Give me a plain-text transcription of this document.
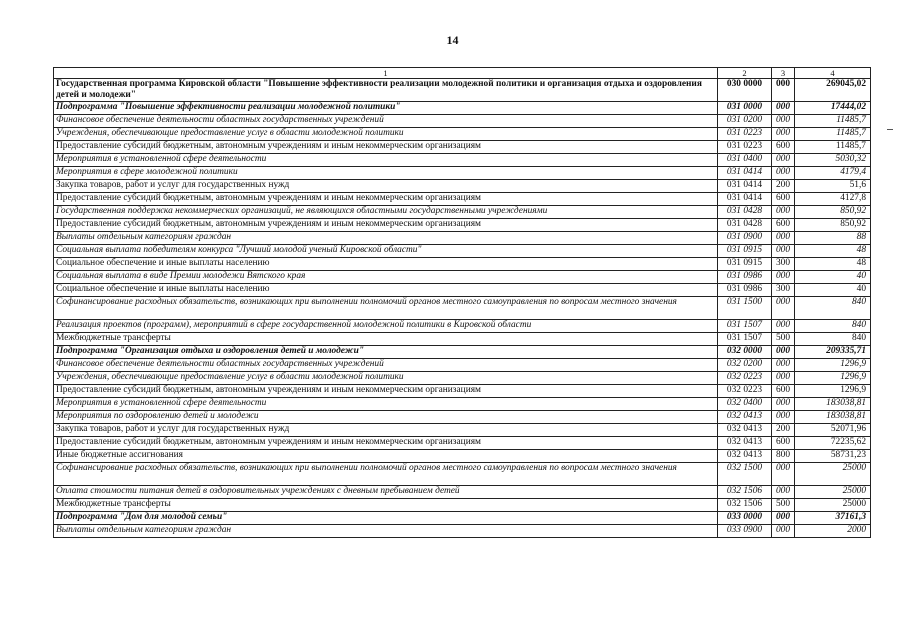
14
1	2	3	4
Государственная программа Кировской области "Повышение эффективности реализации молодежной политики и организация отдыха и оздоровления детей и молодежи"	030 0000	000	269045,02
Подпрограмма "Повышение эффективности реализации молодежной политики"	031 0000	000	17444,02
Финансовое обеспечение деятельности областных государственных учреждений	031 0200	000	11485,7
Учреждения, обеспечивающие предоставление услуг в области молодежной политики	031 0223	000	11485,7
Предоставление субсидий бюджетным, автономным учреждениям и иным некоммерческим организациям	031 0223	600	11485,7
Мероприятия в установленной сфере деятельности	031 0400	000	5030,32
Мероприятия в сфере молодежной политики	031 0414	000	4179,4
Закупка товаров, работ и услуг для государственных нужд	031 0414	200	51,6
Предоставление субсидий бюджетным, автономным учреждениям и иным некоммерческим организациям	031 0414	600	4127,8
Государственная поддержка некоммерческих организаций, не являющихся областными государственными учреждениями	031 0428	000	850,92
Предоставление субсидий бюджетным, автономным учреждениям и иным некоммерческим организациям	031 0428	600	850,92
Выплаты отдельным категориям граждан	031 0900	000	88
Социальная выплата победителям конкурса "Лучший молодой ученый Кировской области"	031 0915	000	48
Социальное обеспечение и иные выплаты населению	031 0915	300	48
Социальная выплата в виде Премии молодежи Вятского края	031 0986	000	40
Социальное обеспечение и иные выплаты населению	031 0986	300	40
Софинансирование расходных обязательств, возникающих при выполнении полномочий органов местного самоуправления по вопросам местного значения	031 1500	000	840
Реализация проектов (программ), мероприятий в сфере государственной молодежной политики в Кировской области	031 1507	000	840
Межбюджетные трансферты	031 1507	500	840
Подпрограмма "Организация отдыха и оздоровления детей и молодежи"	032 0000	000	209335,71
Финансовое обеспечение деятельности областных государственных учреждений	032 0200	000	1296,9
Учреждения, обеспечивающие предоставление услуг в области молодежной политики	032 0223	000	1296,9
Предоставление субсидий бюджетным, автономным учреждениям и иным некоммерческим организациям	032 0223	600	1296,9
Мероприятия в установленной сфере деятельности	032 0400	000	183038,81
Мероприятия по оздоровлению детей и молодежи	032 0413	000	183038,81
Закупка товаров, работ и услуг для государственных нужд	032 0413	200	52071,96
Предоставление субсидий бюджетным, автономным учреждениям и иным некоммерческим организациям	032 0413	600	72235,62
Иные бюджетные ассигнования	032 0413	800	58731,23
Софинансирование расходных обязательств, возникающих при выполнении полномочий органов местного самоуправления по вопросам местного значения	032 1500	000	25000
Оплата стоимости питания детей в оздоровительных учреждениях с дневным пребыванием детей	032 1506	000	25000
Межбюджетные трансферты	032 1506	500	25000
Подпрограмма "Дом для молодой семьи"	033 0000	000	37161,3
Выплаты отдельным категориям граждан	033 0900	000	2000
